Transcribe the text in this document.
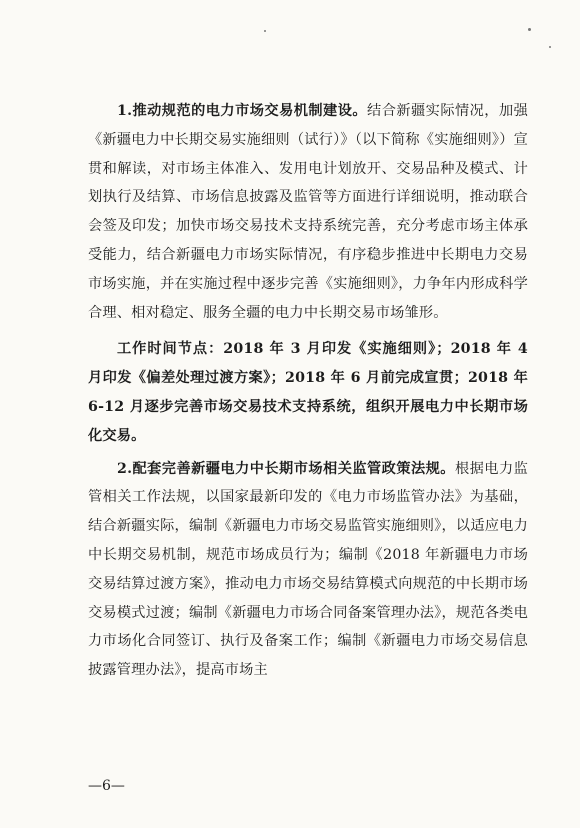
1.推动规范的电力市场交易机制建设。结合新疆实际情况，加强《新疆电力中长期交易实施细则（试行）》（以下简称《实施细则》）宣贯和解读，对市场主体准入、发用电计划放开、交易品种及模式、计划执行及结算、市场信息披露及监管等方面进行详细说明，推动联合会签及印发；加快市场交易技术支持系统完善，充分考虑市场主体承受能力，结合新疆电力市场实际情况，有序稳步推进中长期电力交易市场实施，并在实施过程中逐步完善《实施细则》，力争年内形成科学合理、相对稳定、服务全疆的电力中长期交易市场雏形。

工作时间节点：2018 年 3 月印发《实施细则》；2018 年 4 月印发《偏差处理过渡方案》；2018 年 6 月前完成宣贯；2018 年 6-12 月逐步完善市场交易技术支持系统，组织开展电力中长期市场化交易。

2.配套完善新疆电力中长期市场相关监管政策法规。根据电力监管相关工作法规，以国家最新印发的《电力市场监管办法》为基础，结合新疆实际，编制《新疆电力市场交易监管实施细则》，以适应电力中长期交易机制，规范市场成员行为；编制《2018 年新疆电力市场交易结算过渡方案》，推动电力市场交易结算模式向规范的中长期市场交易模式过渡；编制《新疆电力市场合同备案管理办法》，规范各类电力市场化合同签订、执行及备案工作；编制《新疆电力市场交易信息披露管理办法》，提高市场主

—6—
